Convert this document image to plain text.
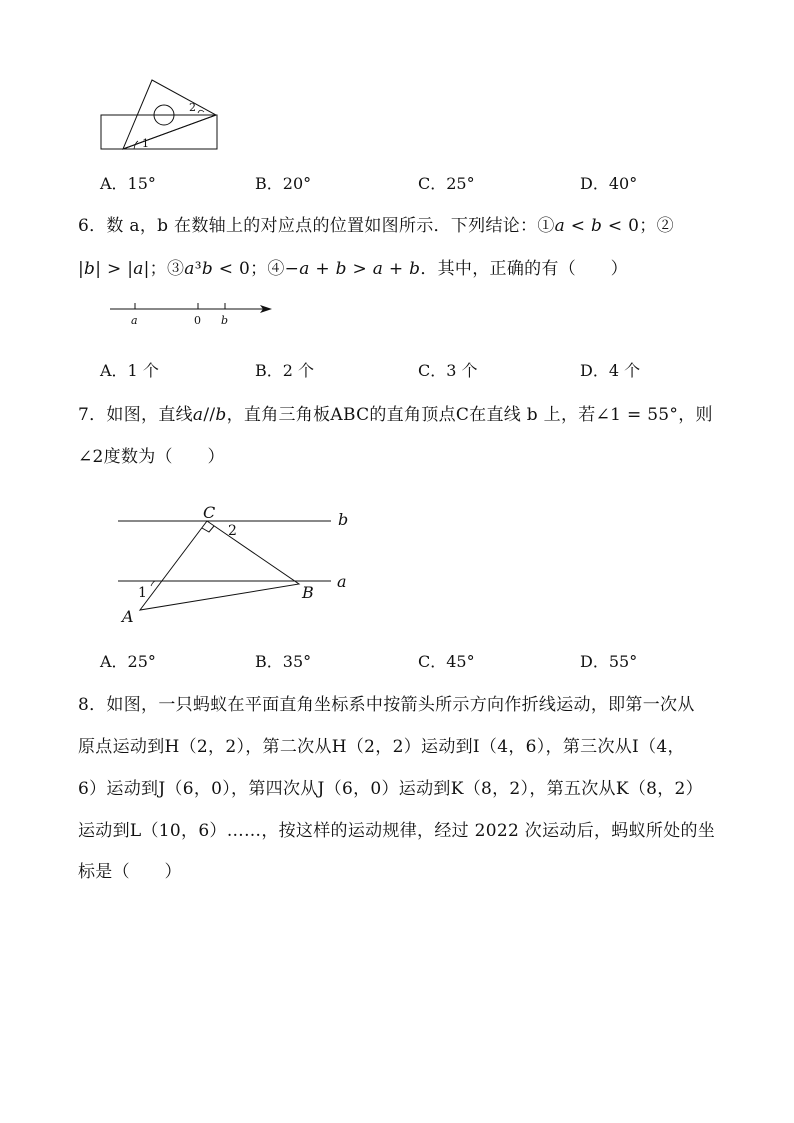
2
1
A．15°	B．20°	C．25°	D．40°
6．数 a，b 在数轴上的对应点的位置如图所示．下列结论：①𝑎 < 𝑏 < 0；②
|𝑏| > |𝑎|；③𝑎³𝑏 < 0；④−𝑎 + 𝑏 > 𝑎 + 𝑏．其中，正确的有（　　）
a	0 b
A．1 个	B．2 个	C．3 个	D．4 个
7．如图，直线𝑎//𝑏，直角三角板ABC的直角顶点C在直线 b 上，若∠1 = 55°，则
∠2度数为（　　）
C
2
b
a
B
1
A
A．25°	B．35°	C．45°	D．55°
8．如图，一只蚂蚁在平面直角坐标系中按箭头所示方向作折线运动，即第一次从
原点运动到H（2，2），第二次从H（2，2）运动到I（4，6），第三次从I（4，
6）运动到J（6，0），第四次从J（6，0）运动到K（8，2），第五次从K（8，2）
运动到L（10，6）……，按这样的运动规律，经过 2022 次运动后，蚂蚁所处的坐
标是（　　）
